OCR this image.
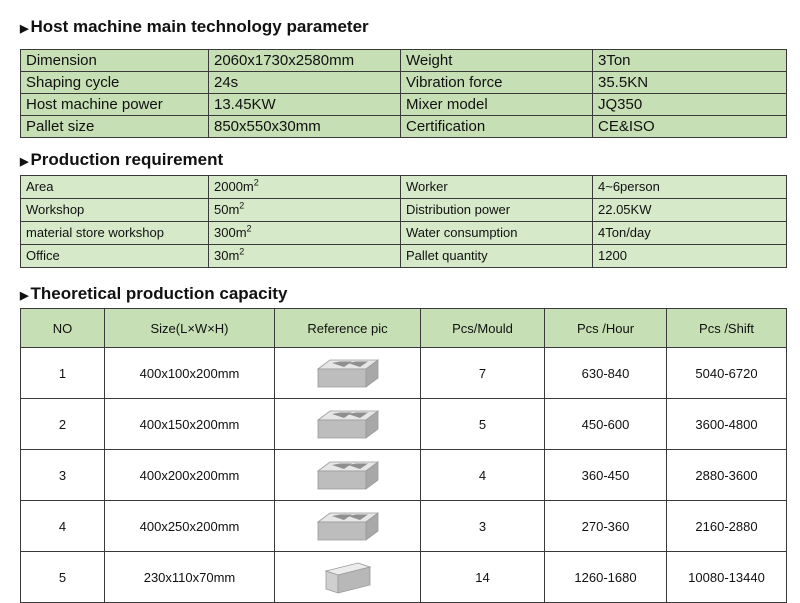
▶ Host machine main technology parameter
Dimension	2060x1730x2580mm	Weight	3Ton
Shaping cycle	24s	Vibration force	35.5KN
Host machine power	13.45KW	Mixer model	JQ350
Pallet size	850x550x30mm	Certification	CE&ISO
▶ Production requirement
Area	$2000m^2$	Worker	4~6person
Workshop	$50m^2$	Distribution power	22.05KW
material store workshop	$300m^2$	Water consumption	4Ton/day
Office	$30m^2$	Pallet quantity	1200
▶ Theoretical production capacity
NO	Size(L×W×H)	Reference pic	Pcs/Mould	Pcs /Hour	Pcs /Shift
1	400x100x200mm		7	630-840	5040-6720
2	400x150x200mm		5	450-600	3600-4800
3	400x200x200mm		4	360-450	2880-3600
4	400x250x200mm		3	270-360	2160-2880
5	230x110x70mm		14	1260-1680	10080-13440
